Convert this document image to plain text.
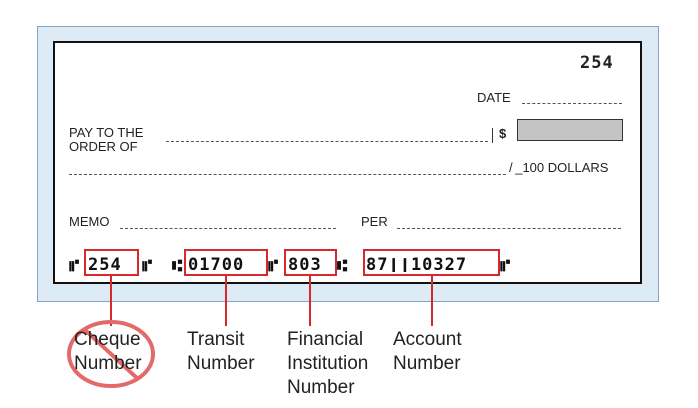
254
DATE
PAY TO THE
ORDER OF
$
/ _100 DOLLARS
MEMO	PER
⑈ 254 ⑈ ⑆ 01700 ⑈ 803 ⑆ 87❙❙10327 ⑈
Cheque
Number
Transit
Number
Financial
Institution
Number
Account
Number
